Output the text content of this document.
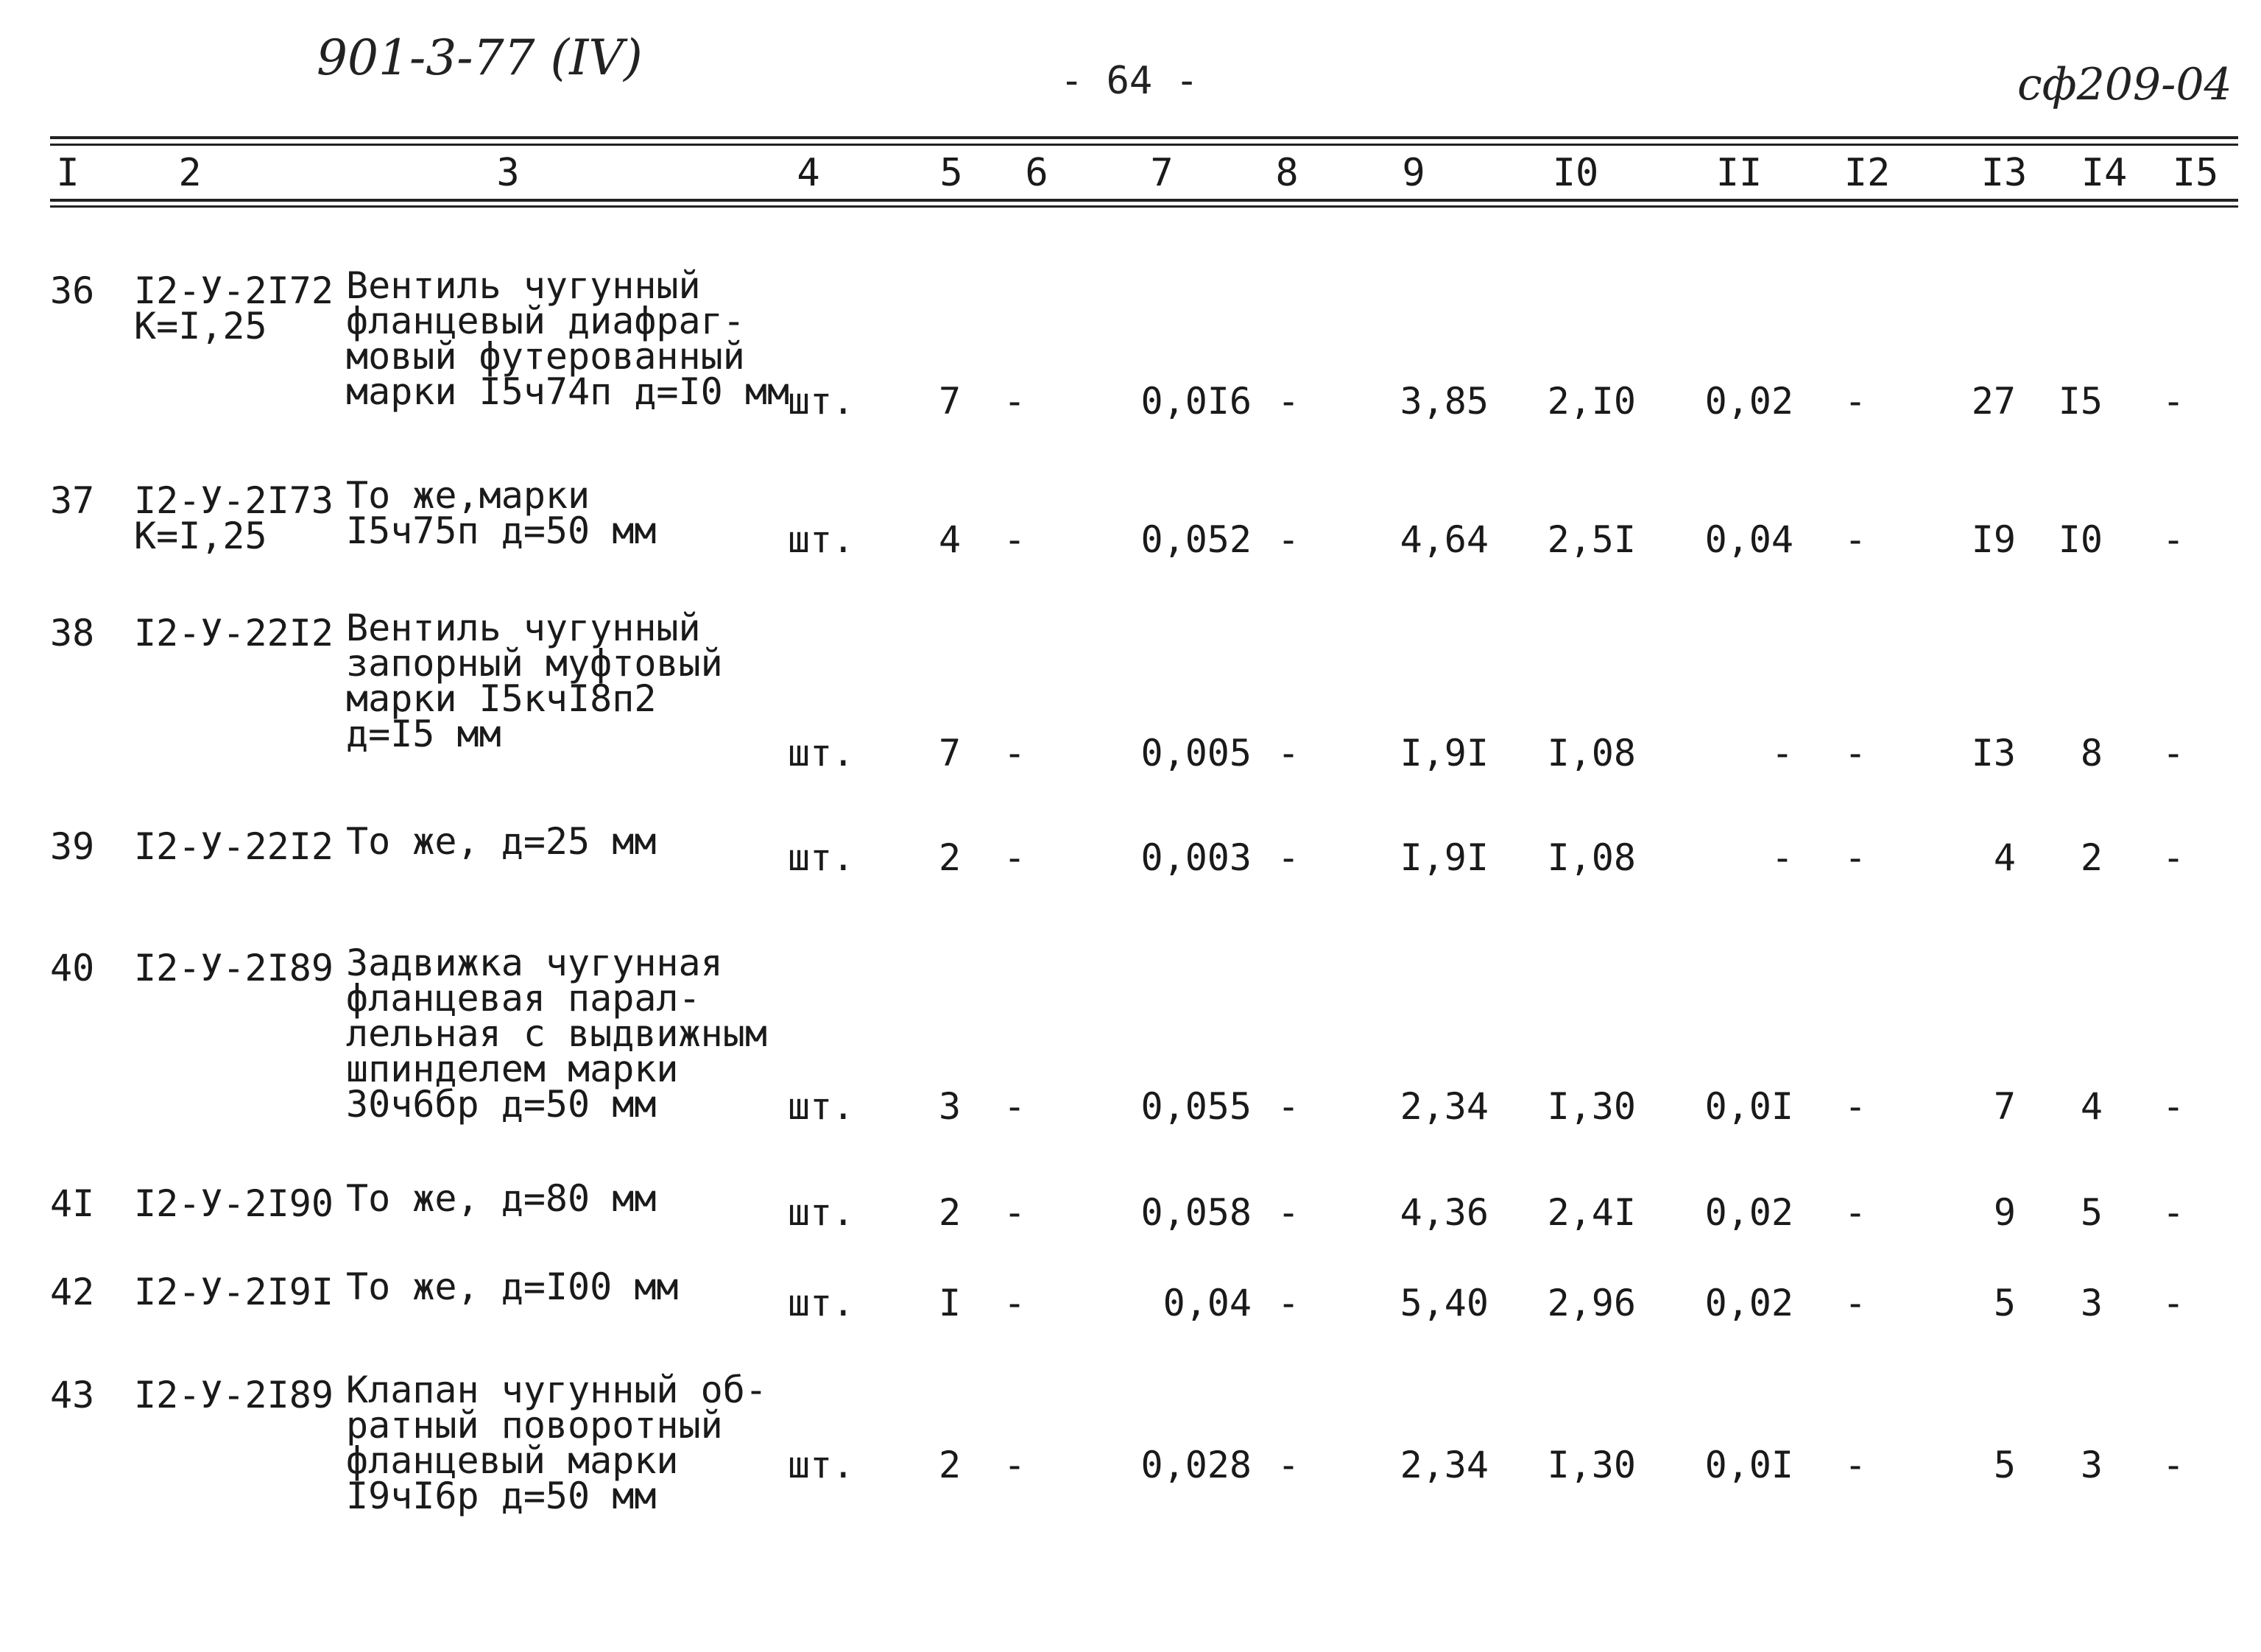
901-3-77 (IV)	- 64 -	сф209-04
I	2	3	4	5 6	7	8	9	I0	II I2 I3 I4 I5
36 I2-У-2I72
K=I,25
Вентиль чугунный
фланцевый диафраг-
мовый футерованный
марки I5ч74п д=I0 мм
шт. 7 -	0,0I6 -	3,85 2,I0 0,02 -	27 I5 -
37 I2-У-2I73
K=I,25
То же,марки
I5ч75п д=50 мм	шт. 4 -	0,052 -	4,64 2,5I 0,04 -	I9 I0 -
38 I2-У-22I2 Вентиль чугунный
запорный муфтовый
марки I5кчI8п2
д=I5 мм	шт. 7 -	0,005 -	I,9I I,08	- -	I3 8 -
39 I2-У-22I2 То же, д=25 мм	шт. 2 -	0,003 -	I,9I I,08	- -	4 2 -
40 I2-У-2I89 Задвижка чугунная
фланцевая парал-
лельная с выдвижным
шпинделем марки
30ч6бр д=50 мм	шт. 3 -	0,055 -	2,34 I,30 0,0I -	7 4 -
4I I2-У-2I90 То же, д=80 мм	шт. 2 -	0,058 -	4,36 2,4I 0,02 -	9 5 -
42 I2-У-2I9I То же, д=I00 мм	шт. I -	0,04 -	5,40 2,96 0,02 -	5 3 -
43 I2-У-2I89 Клапан чугунный об-
ратный поворотный
фланцевый марки
I9чI6р д=50 мм
шт. 2 -	0,028 -	2,34 I,30 0,0I -	5 3 -
